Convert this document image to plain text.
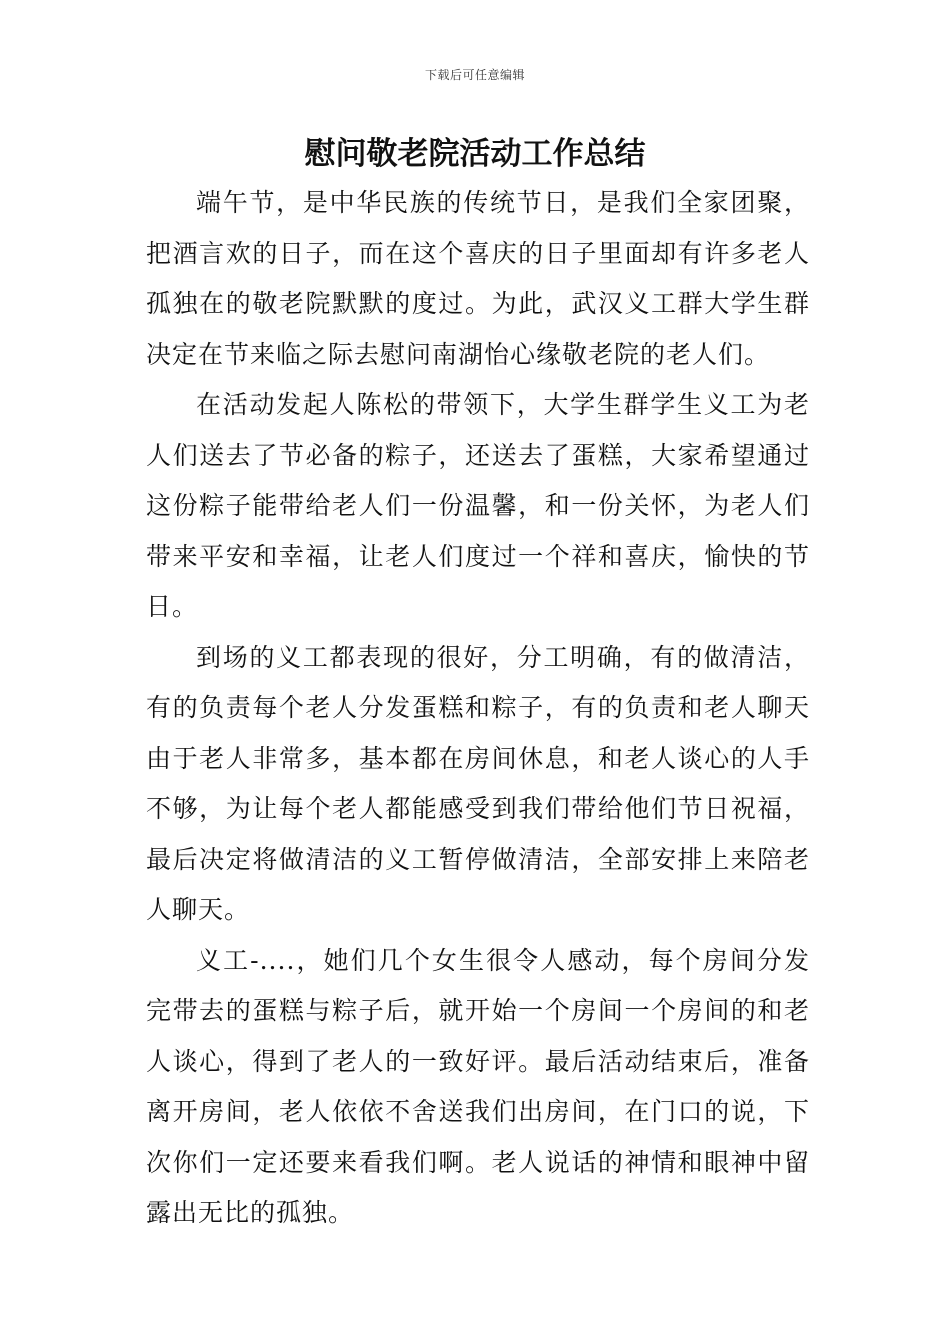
下载后可任意编辑
慰问敬老院活动工作总结

端午节，是中华民族的传统节日，是我们全家团聚，把酒言欢的日子，而在这个喜庆的日子里面却有许多老人孤独在的敬老院默默的度过。为此，武汉义工群大学生群决定在节来临之际去慰问南湖怡心缘敬老院的老人们。

在活动发起人陈松的带领下，大学生群学生义工为老人们送去了节必备的粽子，还送去了蛋糕，大家希望通过这份粽子能带给老人们一份温馨，和一份关怀，为老人们带来平安和幸福，让老人们度过一个祥和喜庆，愉快的节日。

到场的义工都表现的很好，分工明确，有的做清洁，有的负责每个老人分发蛋糕和粽子，有的负责和老人聊天由于老人非常多，基本都在房间休息，和老人谈心的人手不够，为让每个老人都能感受到我们带给他们节日祝福，最后决定将做清洁的义工暂停做清洁，全部安排上来陪老人聊天。

义工-....，她们几个女生很令人感动，每个房间分发完带去的蛋糕与粽子后，就开始一个房间一个房间的和老人谈心，得到了老人的一致好评。最后活动结束后，准备离开房间，老人依依不舍送我们出房间，在门口的说，下次你们一定还要来看我们啊。老人说话的神情和眼神中留露出无比的孤独。
